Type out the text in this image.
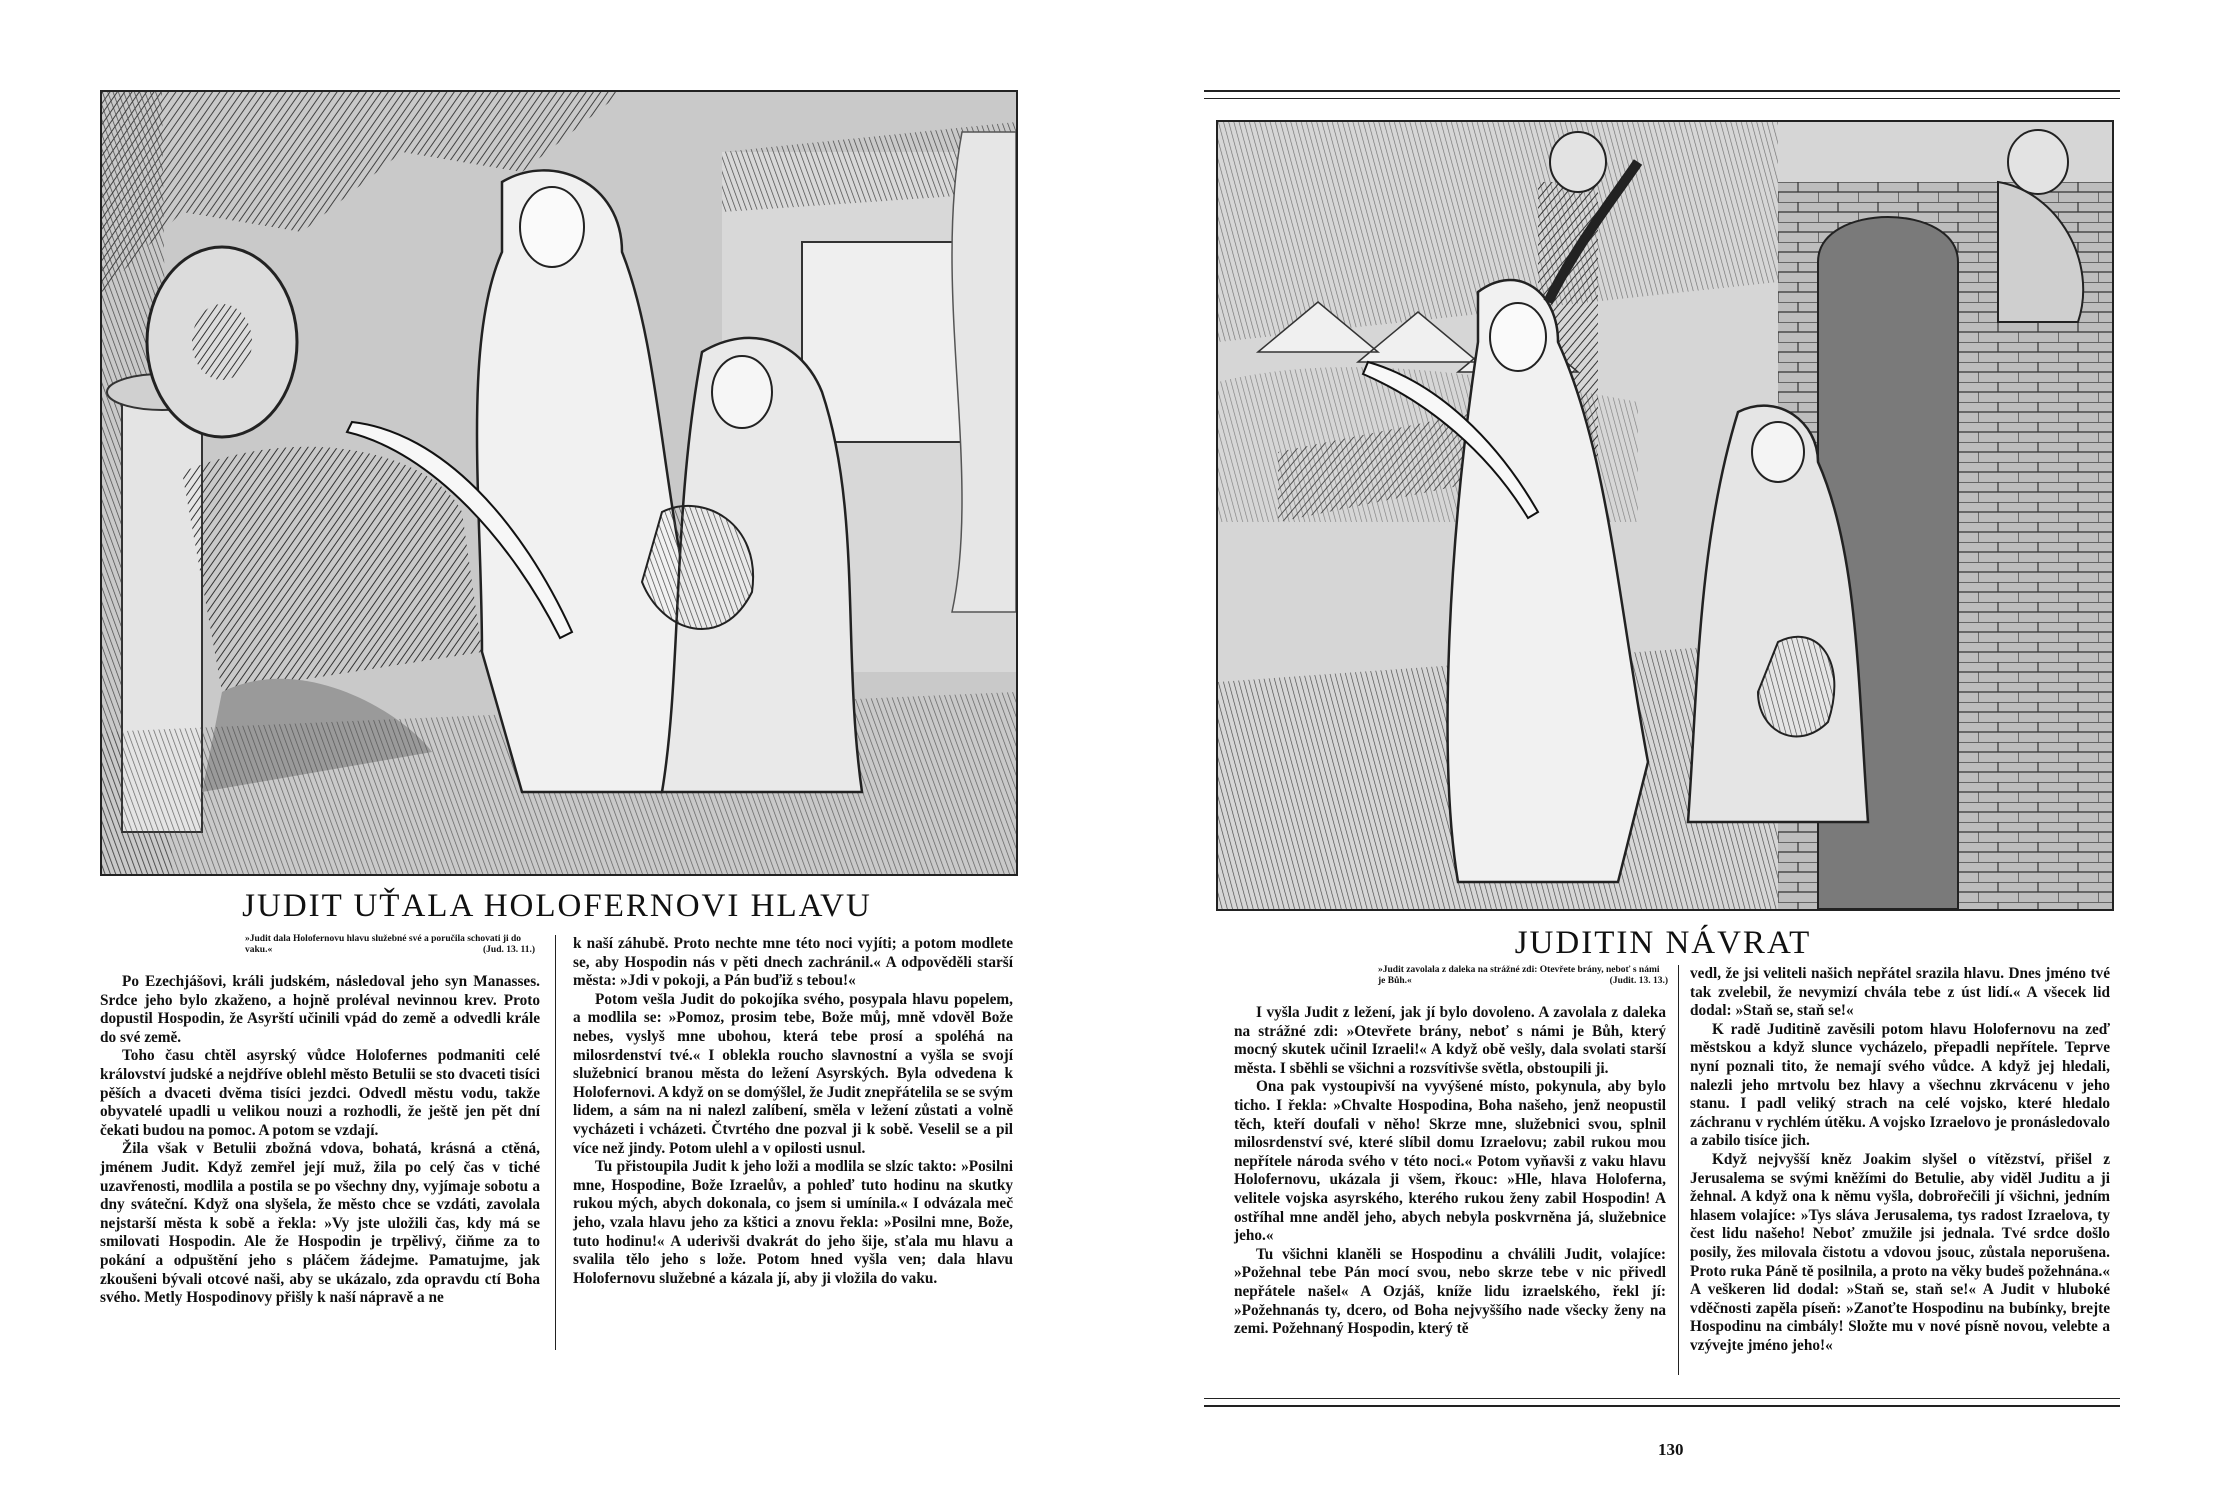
JUDIT UŤALA HOLOFERNOVI HLAVU
»Judit dala Holofernovu hlavu služebné své a poručila schovati ji do vaku.«	(Jud. 13. 11.)

Po Ezechjášovi, králi judském, následoval jeho syn Manasses. Srdce jeho bylo zkaženo, a hojně proléval nevinnou krev. Proto dopustil Hospodin, že Asyrští učinili vpád do země a odvedli krále do své země.

Toho času chtěl asyrský vůdce Holofernes podmaniti celé království judské a nejdříve oblehl město Betulii se sto dvaceti tisíci pěších a dvaceti dvěma tisíci jezdci. Odvedl městu vodu, takže obyvatelé upadli u velikou nouzi a rozhodli, že ještě jen pět dní čekati budou na pomoc. A potom se vzdají.

Žila však v Betulii zbožná vdova, bohatá, krásná a ctěná, jménem Judit. Když zemřel její muž, žila po celý čas v tiché uzavřenosti, modlila a postila se po všechny dny, vyjímaje sobotu a dny sváteční. Když ona slyšela, že město chce se vzdáti, zavolala nejstarší města k sobě a řekla: »Vy jste uložili čas, kdy má se smilovati Hospodin. Ale že Hospodin je trpělivý, čiňme za to pokání a odpuštění jeho s pláčem žádejme. Pamatujme, jak zkoušeni bývali otcové naši, aby se ukázalo, zda opravdu ctí Boha svého. Metly Hospodinovy přišly k naší nápravě a ne

k naší záhubě. Proto nechte mne této noci vyjíti; a potom modlete se, aby Hospodin nás v pěti dnech zachránil.« A odpověděli starší města: »Jdi v pokoji, a Pán buďiž s tebou!«

Potom vešla Judit do pokojíka svého, posypala hlavu popelem, a modlila se: »Pomoz, prosim tebe, Bože můj, mně vdověl Bože nebes, vyslyš mne ubohou, která tebe prosí a spoléhá na milosrdenství tvé.« I oblekla roucho slavnostní a vyšla se svojí služebnicí branou města do ležení Asyrských. Byla odvedena k Holofernovi. A když on se domýšlel, že Judit znepřátelila se se svým lidem, a sám na ni nalezl zalíbení, směla v ležení zůstati a volně vycházeti i vcházeti. Čtvrtého dne pozval ji k sobě. Veselil se a pil více než jindy. Potom ulehl a v opilosti usnul.

Tu přistoupila Judit k jeho loži a modlila se slzíc taktо: »Posilni mne, Hospodine, Bože Izraelův, a pohleď tuto hodinu na skutky rukou mých, abych dokonala, co jsem si umínila.« I odvázala meč jeho, vzala hlavu jeho za kštici a znovu řekla: »Posilni mne, Bože, tuto hodinu!« A uderivši dvakrát do jeho šije, sťala mu hlavu a svalila tělo jeho s lože. Potom hned vyšla ven; dala hlavu Holofernovu služebné a kázala jí, aby ji vložila do vaku.

JUDITIN NÁVRAT
»Judit zavolala z daleka na strážné zdi: Otevřete brány, neboť s námi je Bůh.«	(Judit. 13. 13.)

I vyšla Judit z ležení, jak jí bylo dovoleno. A zavolala z daleka na strážné zdi: »Otevřete brány, neboť s námi je Bůh, který mocný skutek učinil Izraeli!« A když obě vešly, dala svolati starší města. I sběhli se všichni a rozsvítivše světla, obstoupili ji.

Ona pak vystoupivší na vyvýšené místo, pokynula, aby bylo ticho. I řekla: »Chvalte Hospodina, Boha našeho, jenž neopustil těch, kteří doufali v něho! Skrze mne, služebnici svou, splnil milosrdenství své, které slíbil domu Izraelovu; zabil rukou mou nepřítele národa svého v této noci.« Potom vyňavši z vaku hlavu Holofernovu, ukázala ji všem, řkouc: »Hle, hlava Holoferna, velitele vojska asyrského, kterého rukou ženy zabil Hospodin! A ostříhal mne anděl jeho, abych nebyla poskvrněna já, služebnice jeho.«

Tu všichni klaněli se Hospodinu a chválili Judit, volajíce: »Požehnal tebe Pán mocí svou, nebo skrze tebe v nic přivedl nepřátele našel« A Ozjáš, kníže lidu izraelského, řekl jí: »Požehnanás ty, dcero, od Boha nejvyššího nade všecky ženy na zemi. Požehnaný Hospodin, který tě

vedl, že jsi veliteli našich nepřátel srazila hlavu. Dnes jméno tvé tak zvelebil, že nevymizí chvála tebe z úst lidí.« A všecek lid dodal: »Staň se, staň se!«

K radě Juditině zavěsili potom hlavu Holofernovu na zeď městskou a když slunce vycházelo, přepadli nepřítele. Teprve nyní poznali tito, že nemají svého vůdce. A když jej hledali, nalezli jeho mrtvolu bez hlavy a všechnu zkrvácenu v jeho stanu. I padl veliký strach na celé vojsko, které hledalo záchranu v rychlém útěku. A vojsko Izraelovo je pronásledovalo a zabilo tisíce jich.

Když nejvyšší kněz Joakim slyšel o vítězství, přišel z Jerusalema se svými kněžími do Betulie, aby viděl Juditu a ji žehnal. A když ona k němu vyšla, dobrořečili jí všichni, jedním hlasem volajíce: »Tys sláva Jerusalema, tys radost Izraelova, ty čest lidu našeho! Neboť zmužile jsi jednala. Tvé srdce došlo posily, žes milovala čistotu a vdovou jsouc, zůstala neporušena. Proto ruka Páně tě posilnila, a proto na věky budeš požehnána.« A veškeren lid dodal: »Staň se, staň se!« A Judit v hluboké vděčnosti zapěla píseň: »Zanoťte Hospodinu na bubínky, brejte Hospodinu na cimbály! Složte mu v nové písně novou, velebte a vzývejte jméno jeho!«

130
